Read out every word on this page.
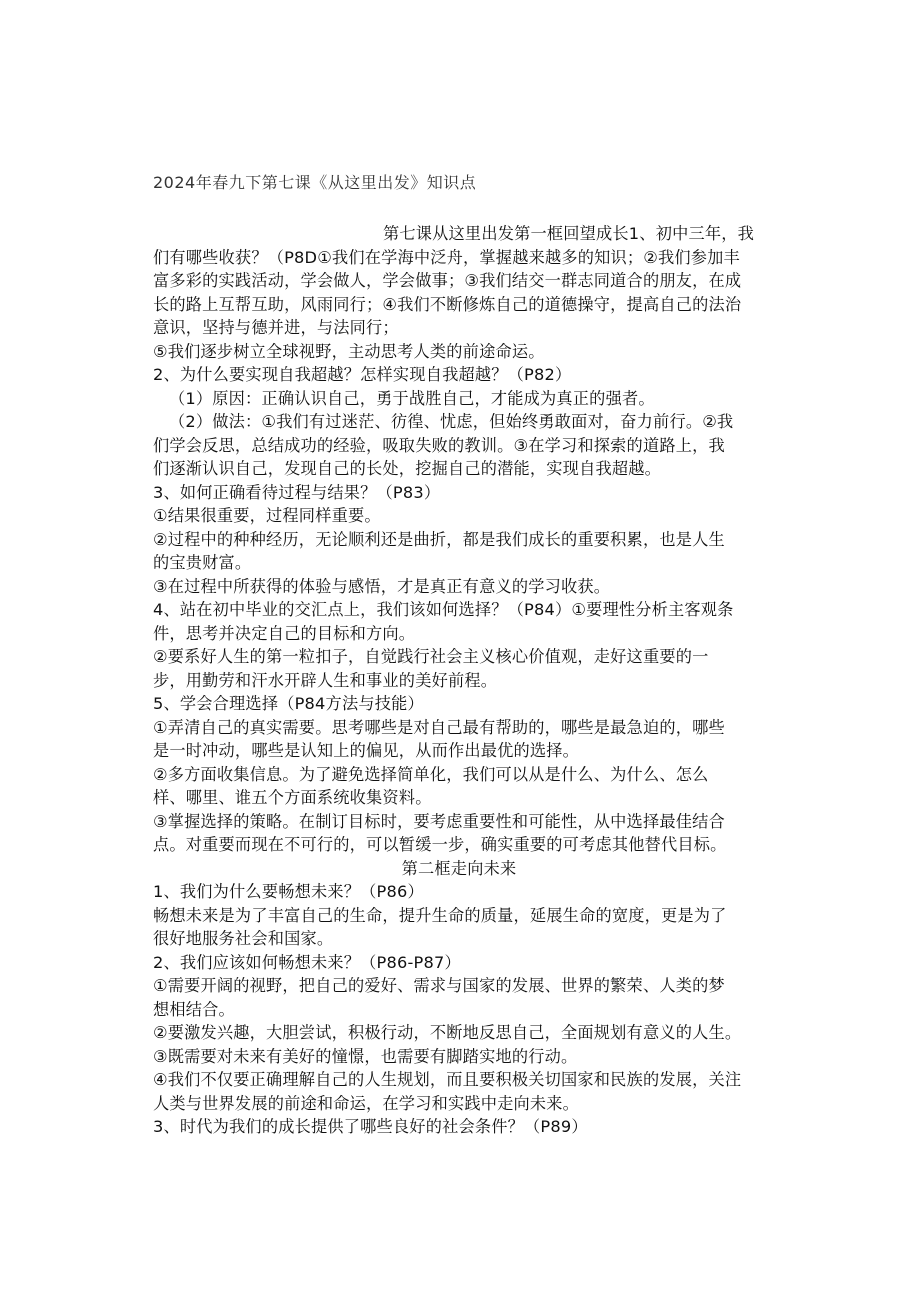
2024年春九下第七课《从这里出发》知识点
第七课从这里出发第一框回望成长1、初中三年，我
们有哪些收获？（P8D①我们在学海中泛舟，掌握越来越多的知识；②我们参加丰
富多彩的实践活动，学会做人，学会做事；③我们结交一群志同道合的朋友，在成
长的路上互帮互助，风雨同行；④我们不断修炼自己的道德操守，提高自己的法治
意识，坚持与德并进，与法同行；
⑤我们逐步树立全球视野，主动思考人类的前途命运。
2、为什么要实现自我超越？怎样实现自我超越？（P82）
（1）原因：正确认识自己，勇于战胜自己，才能成为真正的强者。
（2）做法：①我们有过迷茫、彷徨、忧虑，但始终勇敢面对，奋力前行。②我
们学会反思，总结成功的经验，吸取失败的教训。③在学习和探索的道路上，我
们逐渐认识自己，发现自己的长处，挖掘自己的潜能，实现自我超越。
3、如何正确看待过程与结果？（P83）
①结果很重要，过程同样重要。
②过程中的种种经历，无论顺利还是曲折，都是我们成长的重要积累，也是人生
的宝贵财富。
③在过程中所获得的体验与感悟，才是真正有意义的学习收获。
4、站在初中毕业的交汇点上，我们该如何选择？（P84）①要理性分析主客观条
件，思考并决定自己的目标和方向。
②要系好人生的第一粒扣子，自觉践行社会主义核心价值观，走好这重要的一
步，用勤劳和汗水开辟人生和事业的美好前程。
5、学会合理选择（P84方法与技能）
①弄清自己的真实需要。思考哪些是对自己最有帮助的，哪些是最急迫的，哪些
是一时冲动，哪些是认知上的偏见，从而作出最优的选择。
②多方面收集信息。为了避免选择简单化，我们可以从是什么、为什么、怎么
样、哪里、谁五个方面系统收集资料。
③掌握选择的策略。在制订目标时，要考虑重要性和可能性，从中选择最佳结合
点。对重要而现在不可行的，可以暂缓一步，确实重要的可考虑其他替代目标。
第二框走向未来
1、我们为什么要畅想未来？（P86）
畅想未来是为了丰富自己的生命，提升生命的质量，延展生命的宽度，更是为了
很好地服务社会和国家。
2、我们应该如何畅想未来？（P86-P87）
①需要开阔的视野，把自己的爱好、需求与国家的发展、世界的繁荣、人类的梦
想相结合。
②要激发兴趣，大胆尝试，积极行动，不断地反思自己，全面规划有意义的人生。
③既需要对未来有美好的憧憬，也需要有脚踏实地的行动。
④我们不仅要正确理解自己的人生规划，而且要积极关切国家和民族的发展，关注
人类与世界发展的前途和命运，在学习和实践中走向未来。
3、时代为我们的成长提供了哪些良好的社会条件？（P89）
